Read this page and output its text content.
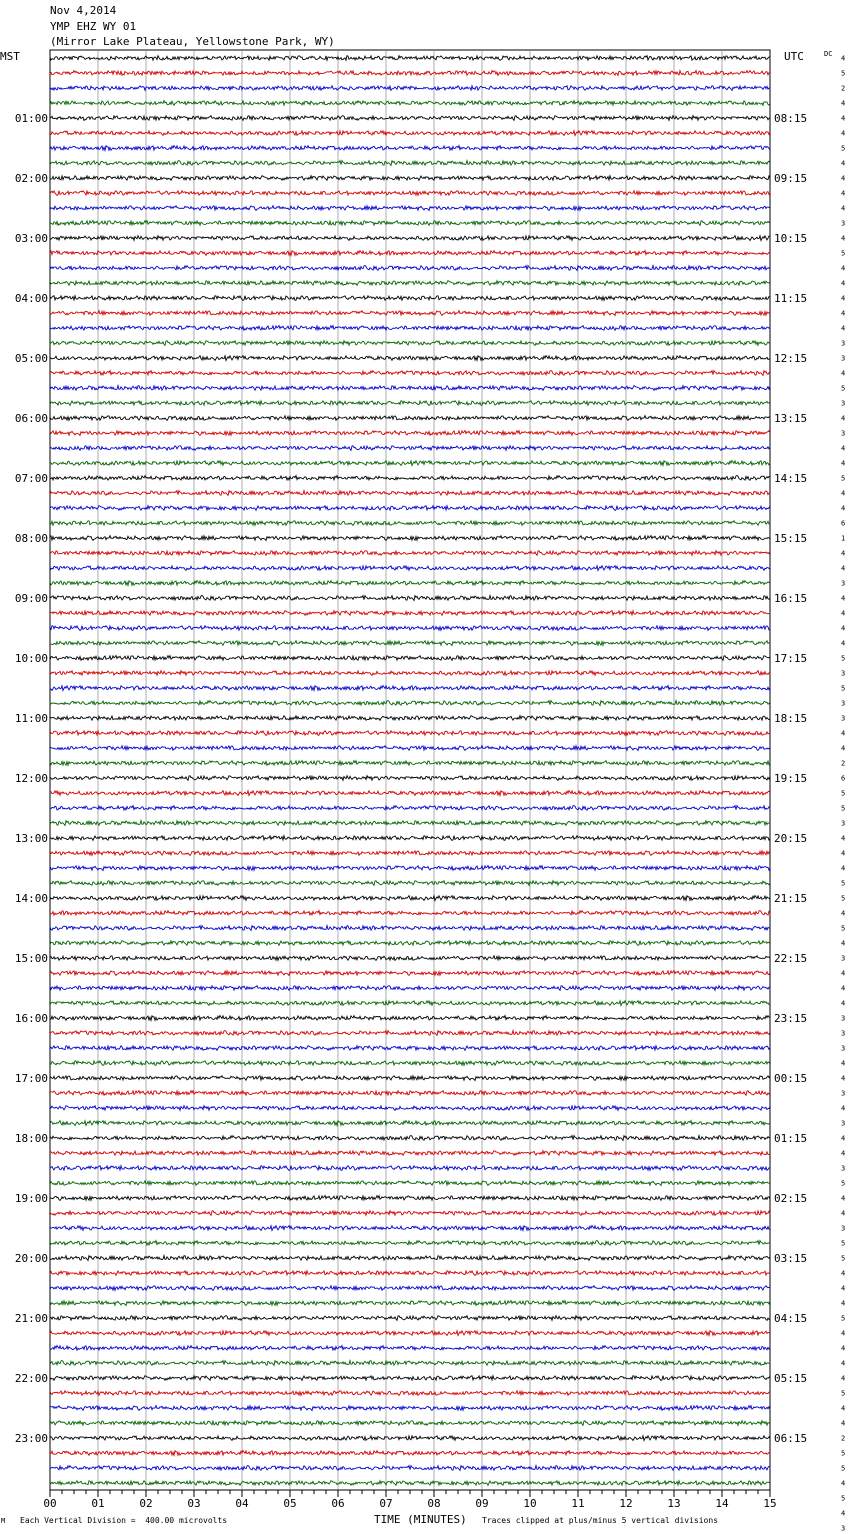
Nov 4,2014
YMP EHZ WY 01
(Mirror Lake Plateau, Yellowstone Park, WY)
MST	UTC	DC
01:00	08:15
02:00	09:15
03:00	10:15
04:00	11:15
05:00	12:15
06:00	13:15
07:00	14:15
08:00	15:15
09:00	16:15
10:00	17:15
11:00	18:15
12:00	19:15
13:00	20:15
14:00	21:15
15:00	22:15
16:00	23:15
17:00	00:15
18:00	01:15
19:00	02:15
20:00	03:15
21:00	04:15
22:00	05:15
23:00	06:15
4
5
2
4
4
4
5
4
4
4
4
3
4
5
4
4
4
4
4
3
3
4
5
3
4
3
4
4
5
4
4
6
1
4
4
3
4
4
4
4
5
3
5
3
3
4
4
2
6
5
5
3
4
4
4
5
5
4
5
4
3
4
4
4
3
3
3
4
4
3
4
3
4
4
3
5
4
4
3
5
5
4
4
4
5
4
4
4
4
5
4
4
2
5
5
4
5
4
3
00	01	02	03	04	05	06	07	08	09	10	11	12	13	14	15
M Each Vertical Division =  400.00 microvolts	TIME (MINUTES) Traces clipped at plus/minus 5 vertical divisions
